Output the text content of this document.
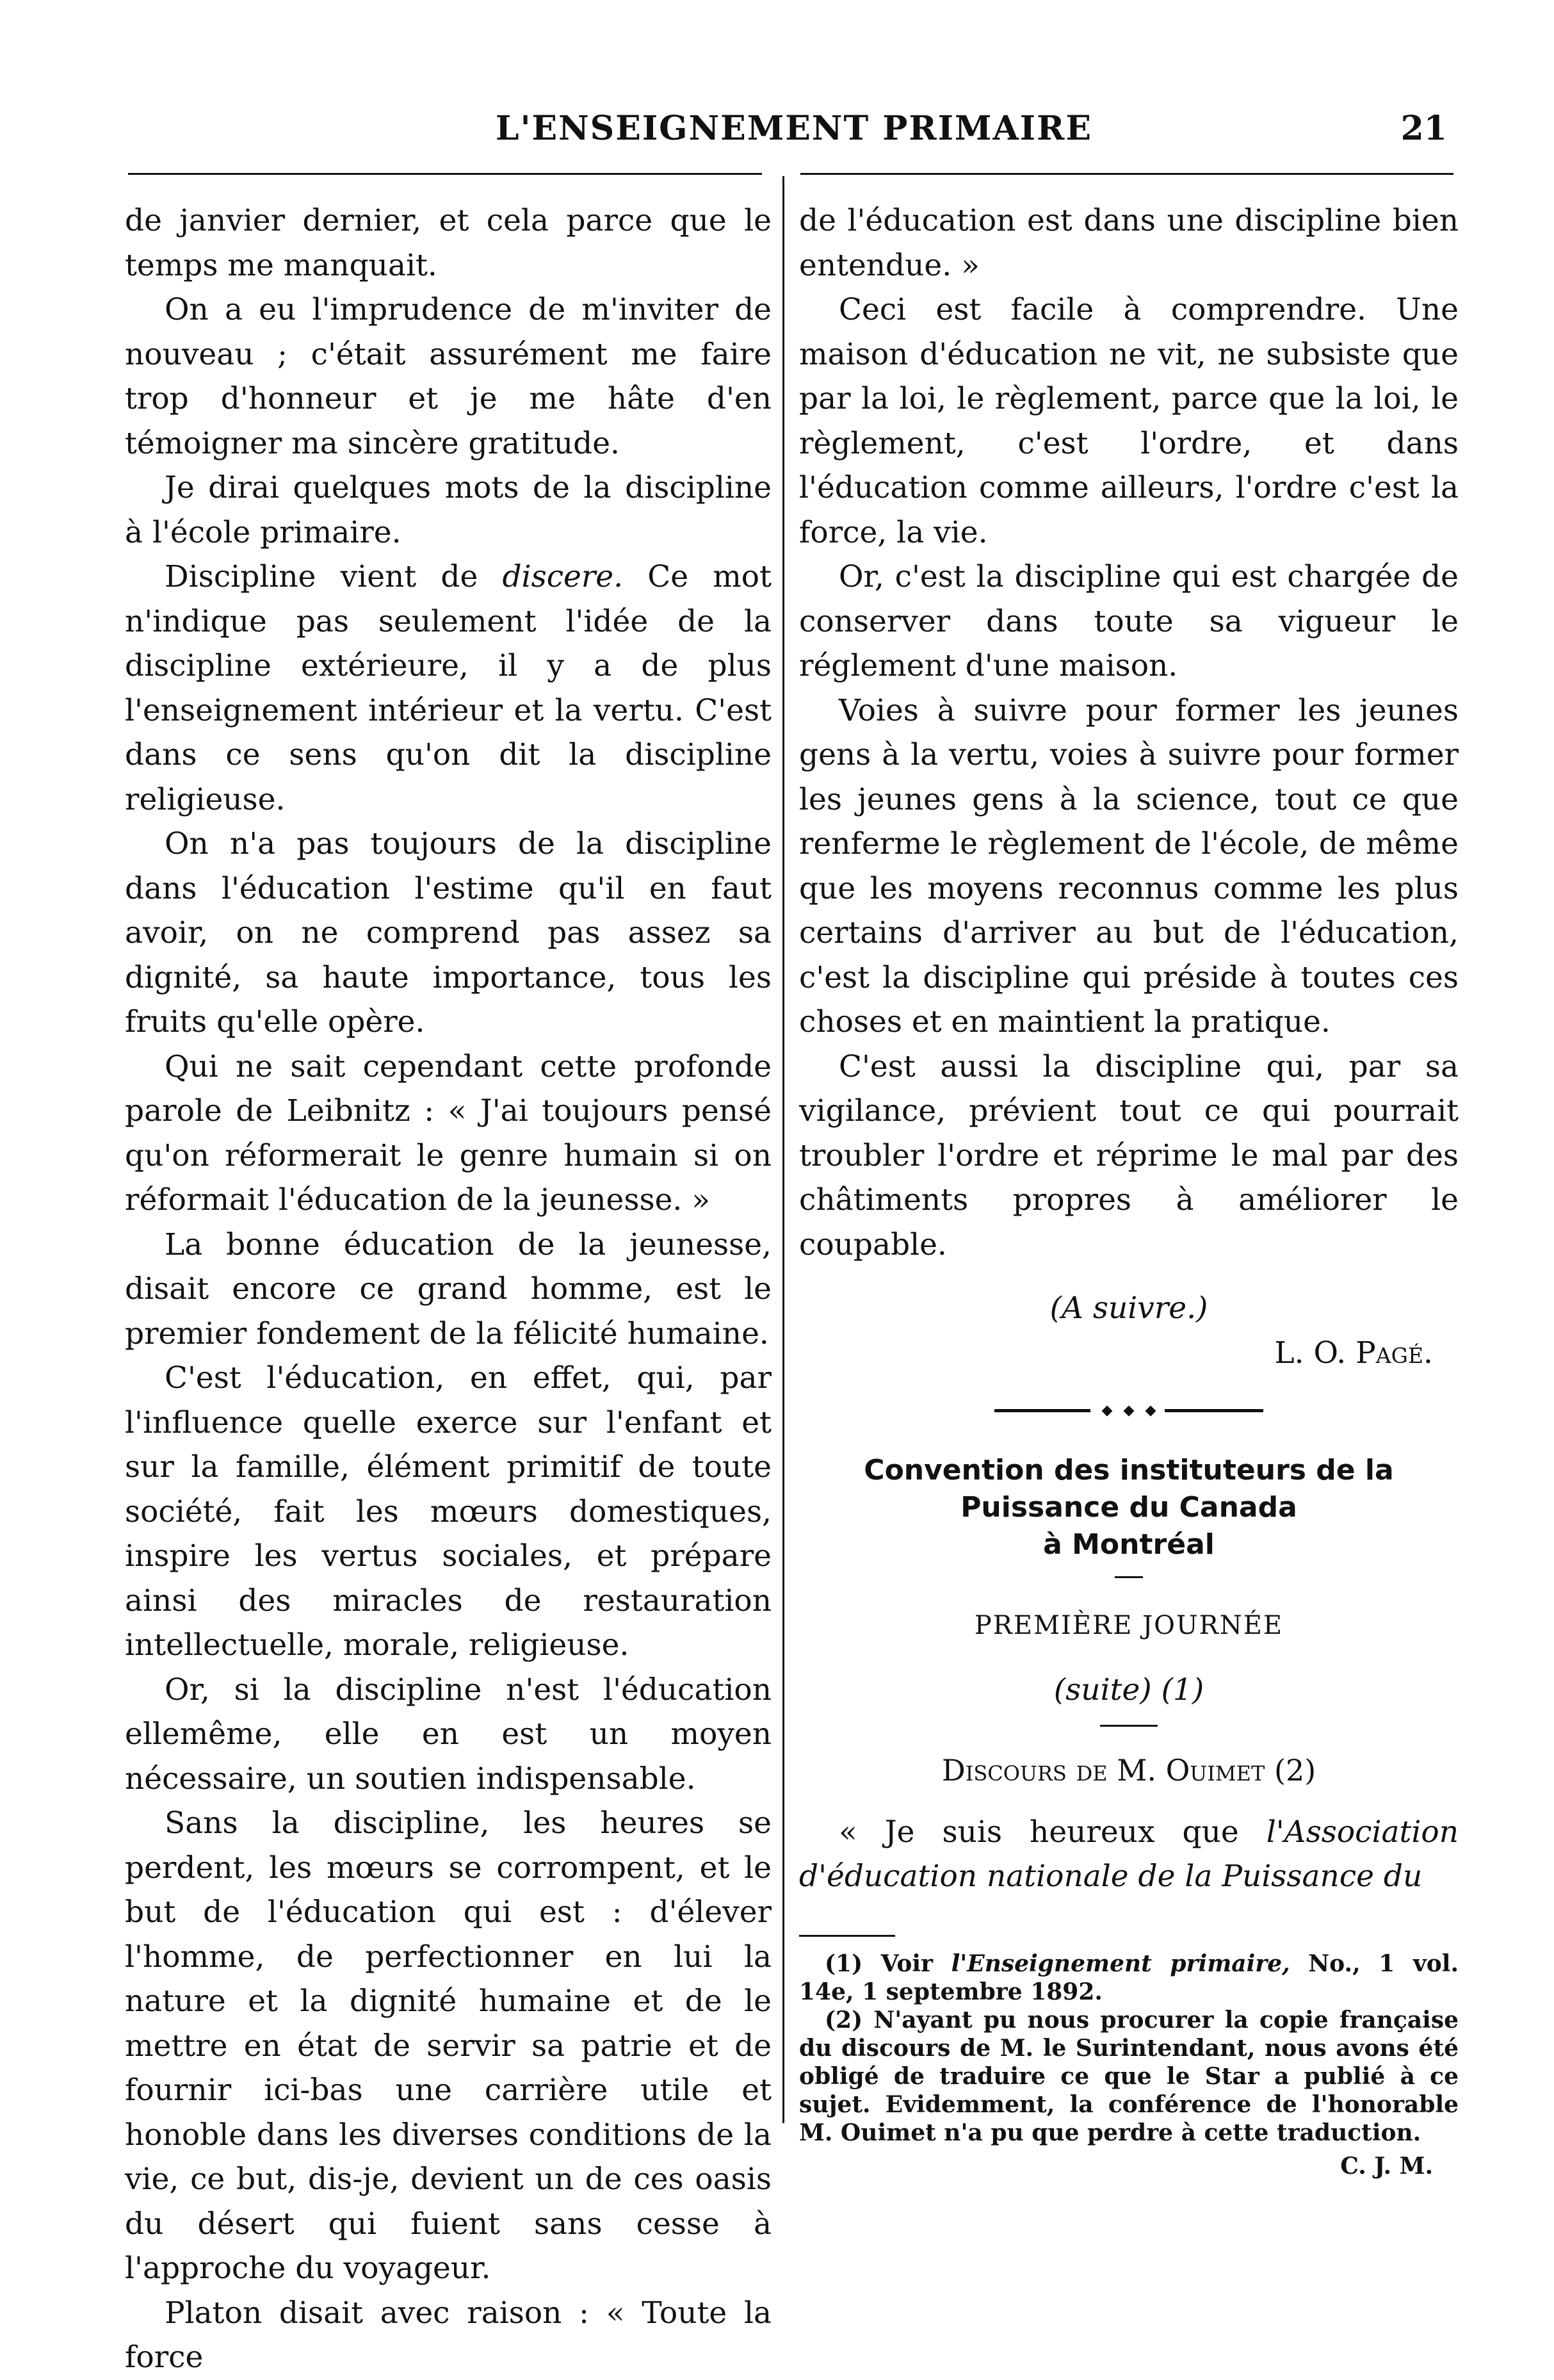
L'ENSEIGNEMENT PRIMAIRE	21

de janvier dernier, et cela parce que le temps me manquait.

On a eu l'imprudence de m'inviter de nouveau ; c'était assurément me faire trop d'honneur et je me hâte d'en témoigner ma sincère gratitude.

Je dirai quelques mots de la discipline à l'école primaire.

Discipline vient de discere. Ce mot n'indique pas seulement l'idée de la discipline extérieure, il y a de plus l'enseignement intérieur et la vertu. C'est dans ce sens qu'on dit la discipline religieuse.

On n'a pas toujours de la discipline dans l'éducation l'estime qu'il en faut avoir, on ne comprend pas assez sa dignité, sa haute importance, tous les fruits qu'elle opère.

Qui ne sait cependant cette profonde parole de Leibnitz : « J'ai toujours pensé qu'on réformerait le genre humain si on réformait l'éducation de la jeunesse. »

La bonne éducation de la jeunesse, disait encore ce grand homme, est le premier fondement de la félicité humaine.

C'est l'éducation, en effet, qui, par l'influence quelle exerce sur l'enfant et sur la famille, élément primitif de toute société, fait les mœurs domestiques, inspire les vertus sociales, et prépare ainsi des miracles de restauration intellectuelle, morale, religieuse.

Or, si la discipline n'est l'éducation ellemême, elle en est un moyen nécessaire, un soutien indispensable.

Sans la discipline, les heures se perdent, les mœurs se corrompent, et le but de l'éducation qui est : d'élever l'homme, de perfectionner en lui la nature et la dignité humaine et de le mettre en état de servir sa patrie et de fournir ici-bas une carrière utile et honoble dans les diverses conditions de la vie, ce but, dis-je, devient un de ces oasis du désert qui fuient sans cesse à l'approche du voyageur.

Platon disait avec raison : « Toute la force

de l'éducation est dans une discipline bien entendue. »

Ceci est facile à comprendre. Une maison d'éducation ne vit, ne subsiste que par la loi, le règlement, parce que la loi, le règlement, c'est l'ordre, et dans l'éducation comme ailleurs, l'ordre c'est la force, la vie.

Or, c'est la discipline qui est chargée de conserver dans toute sa vigueur le réglement d'une maison.

Voies à suivre pour former les jeunes gens à la vertu, voies à suivre pour former les jeunes gens à la science, tout ce que renferme le règlement de l'école, de même que les moyens reconnus comme les plus certains d'arriver au but de l'éducation, c'est la discipline qui préside à toutes ces choses et en maintient la pratique.

C'est aussi la discipline qui, par sa vigilance, prévient tout ce qui pourrait troubler l'ordre et réprime le mal par des châtiments propres à améliorer le coupable.

(A suivre.)

L. O. Pagé.

Convention des instituteurs de la
Puissance du Canada
à Montréal
PREMIÈRE JOURNÉE

(suite) (1)

Discours de M. Ouimet (2)

« Je suis heureux que l'Association d'éducation nationale de la Puissance du

(1) Voir l'Enseignement primaire, No., 1 vol. 14e, 1 septembre 1892.

(2) N'ayant pu nous procurer la copie française du discours de M. le Surintendant, nous avons été obligé de traduire ce que le Star a publié à ce sujet. Evidemment, la conférence de l'honorable M. Ouimet n'a pu que perdre à cette traduction.

C. J. M.
